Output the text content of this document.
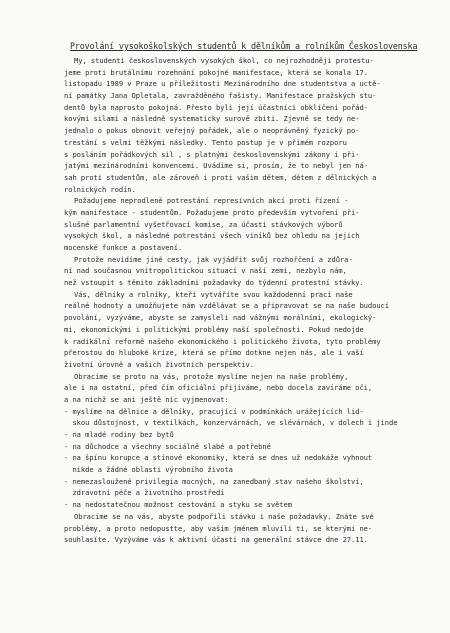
Provolání vysokoškolských studentů k dělníkům a rolníkům Československa
My, studenti československých vysokých škol, co nejrozhodněji protestu-
jeme proti brutálnímu rozehnání pokojné manifestace, která se konala 17.
listopadu 1989 v Praze u příležitosti Mezinárodního dne studentstva a uctě-
ní památky Jana Opletala, zavražděného fašisty. Manifestace pražských stu-
dentů byla naprosto pokojná. Přesto byli její účastníci obklíčeni pořád-
kovými silami a následně systematicky surově zbiti. Zjevně se tedy ne-
jednalo o pokus obnovit veřejný pořádek, ale o neoprávněný fyzický po-
trestání s velmi těžkými následky. Tento postup je v přímém rozporu
s posláním pořádkových sil , s platnými československými zákony i při-
jatými mezinárodními konvencemi. Uvádíme si, prosím, že to nebyl jen ná-
sah proti studentům, ale zároveň i proti vašim dětem, dětem z dělnických a
rolnických rodin.
Požadujeme neprodlené potrestání represivních akcí proti řízení -
kým manifestace - studentům. Požadujeme proto především vytvoření při-
slušné parlamentní vyšetřovací komise, za účasti stávkových výborů
vysokých škol, a následné potrestání všech viníků bez ohledu na jejich
mocenské funkce a postavení.
Protože nevidíme jiné cesty, jak vyjádřit svůj rozhořčení a zdůra-
ní nad současnou vnitropolitickou situací v naší zemi, nezbylo nám,
než vstoupit s těmito základními požadavky do týdenní protestní stávky.
Vás, dělníky a rolníky, kteří vytváříte svou každodenní prací naše
reálné hodnoty a umožňujete nám vzdělávat se a připravovat se na naše budoucí
povolání, vyzýváme, abyste se zamysleli nad vážnými morálními, ekologický-
mi, ekonomickými i politickými problémy naší společnosti. Pokud nedojde
k radikální reformě našeho ekonomického i politického života, tyto problémy
přerostou do hluboké krize, která se přímo dotkne nejen nás, ale i vaší
životní úrovně a vašich životních perspektiv.
Obracíme se proto na vás, protože myslíme nejen na naše problémy,
ale i na ostatní, před čím oficiální přijíváme, nebo docela zavíráme oči,
a na nichž se ani ještě nic vyjmenovat:
- myslíme na dělnice a dělníky, pracující v podmínkách urážejících lid-
skou důstojnost, v textilkách, konzervárnách, ve slévárnách, v dolech i jinde
- na mladé rodiny bez bytů
- na důchodce a všechny sociálně slabé a potřebné
- na špínu korupce a stínové ekonomiky, která se dnes už nedokáže vyhnout
nikde a žádné oblasti výrobního života
- nemezasloužené privilegia mocných, na zanedbaný stav našeho školství,
zdravotní péče a životního prostředí
- na nedostatečnou možnost cestování a styku se světem
Obracíme se na vás, abyste podpořili stávku i naše požadavky. Znáte své
problémy, a proto nedopustte, aby vaším jménem mluvili ti, se kterými ne-
souhlasíte. Vyzýváme vás k aktivní účasti na generální stávce dne 27.11.
